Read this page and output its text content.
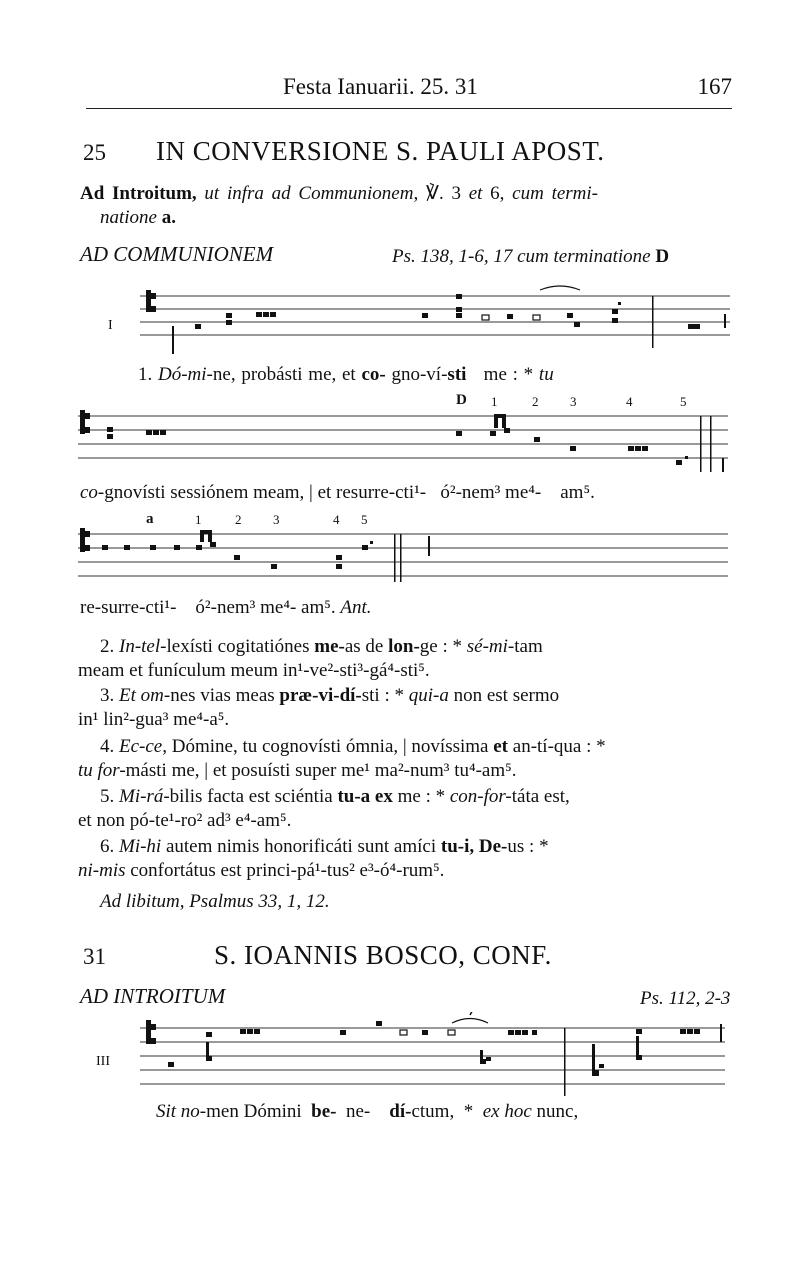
Festa Ianuarii. 25. 31	167
25 IN CONVERSIONE S. PAULI APOST.
Ad Introitum, ut infra ad Communionem, ℣. 3 et 6, cum termi-
natione a.
AD COMMUNIONEM	Ps. 138, 1-6, 17 cum terminatione D
I
1. Dó-mi-ne, probásti me, et co- gno-ví-sti me : * tu
D 1	2 3	4	5
co-gnovísti sessiónem meam, | et resurre-cti¹- ó²-nem³ me⁴- am⁵.
a	1	2 3	4 5
re-surre-cti¹- ó²-nem³ me⁴- am⁵. Ant.
2. In-tel-lexísti cogitatiónes me-as de lon-ge : * sé-mi-tam
meam et funículum meum in¹-ve²-sti³-gá⁴-sti⁵.
3. Et om-nes vias meas præ-vi-dí-sti : * qui-a non est sermo
in¹ lin²-gua³ me⁴-a⁵.
4. Ec-ce, Dómine, tu cognovísti ómnia, | novíssima et an-tí-qua : *
tu for-másti me, | et posuísti super me¹ ma²-num³ tu⁴-am⁵.
5. Mi-rá-bilis facta est sciéntia tu-a ex me : * con-for-táta est,
et non pó-te¹-ro² ad³ e⁴-am⁵.
6. Mi-hi autem nimis honorificáti sunt amíci tu-i, De-us : *
ni-mis confortátus est princi-pá¹-tus² e³-ó⁴-rum⁵.
Ad libitum, Psalmus 33, 1, 12.
31	S. IOANNIS BOSCO, CONF.
AD INTROITUM	Ps. 112, 2-3
III
Sit no-men Dómini be- ne- dí-ctum, * ex hoc nunc,
